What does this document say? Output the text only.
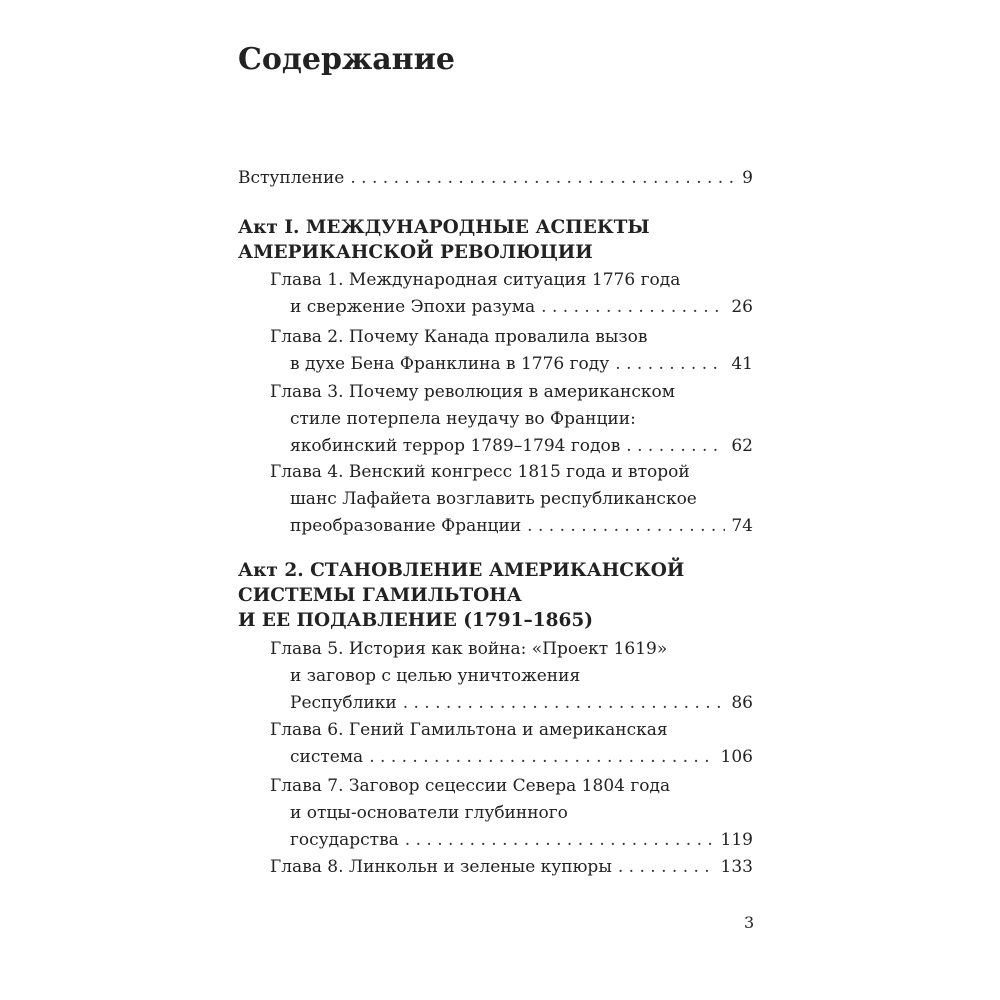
Содержание
Вступление . . .	9
Акт I. МЕЖДУНАРОДНЫЕ АСПЕКТЫ
АМЕРИКАНСКОЙ РЕВОЛЮЦИИ
Глава 1. Международная ситуация 1776 года
и свержение Эпохи разума . . .	26
Глава 2. Почему Канада провалила вызов
в духе Бена Франклина в 1776 году . . .	41
Глава 3. Почему революция в американском
стиле потерпела неудачу во Франции:
якобинский террор 1789–1794 годов . . .	62
Глава 4. Венский конгресс 1815 года и второй
шанс Лафайета возглавить республиканское
преобразование Франции . . .	74
Акт 2. СТАНОВЛЕНИЕ АМЕРИКАНСКОЙ
СИСТЕМЫ ГАМИЛЬТОНА
И ЕЕ ПОДАВЛЕНИЕ (1791–1865)
Глава 5. История как война: «Проект 1619»
и заговор с целью уничтожения
Республики . . .	86
Глава 6. Гений Гамильтона и американская
система . . .	106
Глава 7. Заговор сецессии Севера 1804 года
и отцы-основатели глубинного
государства . . .	119
Глава 8. Линкольн и зеленые купюры . . .	133
3
